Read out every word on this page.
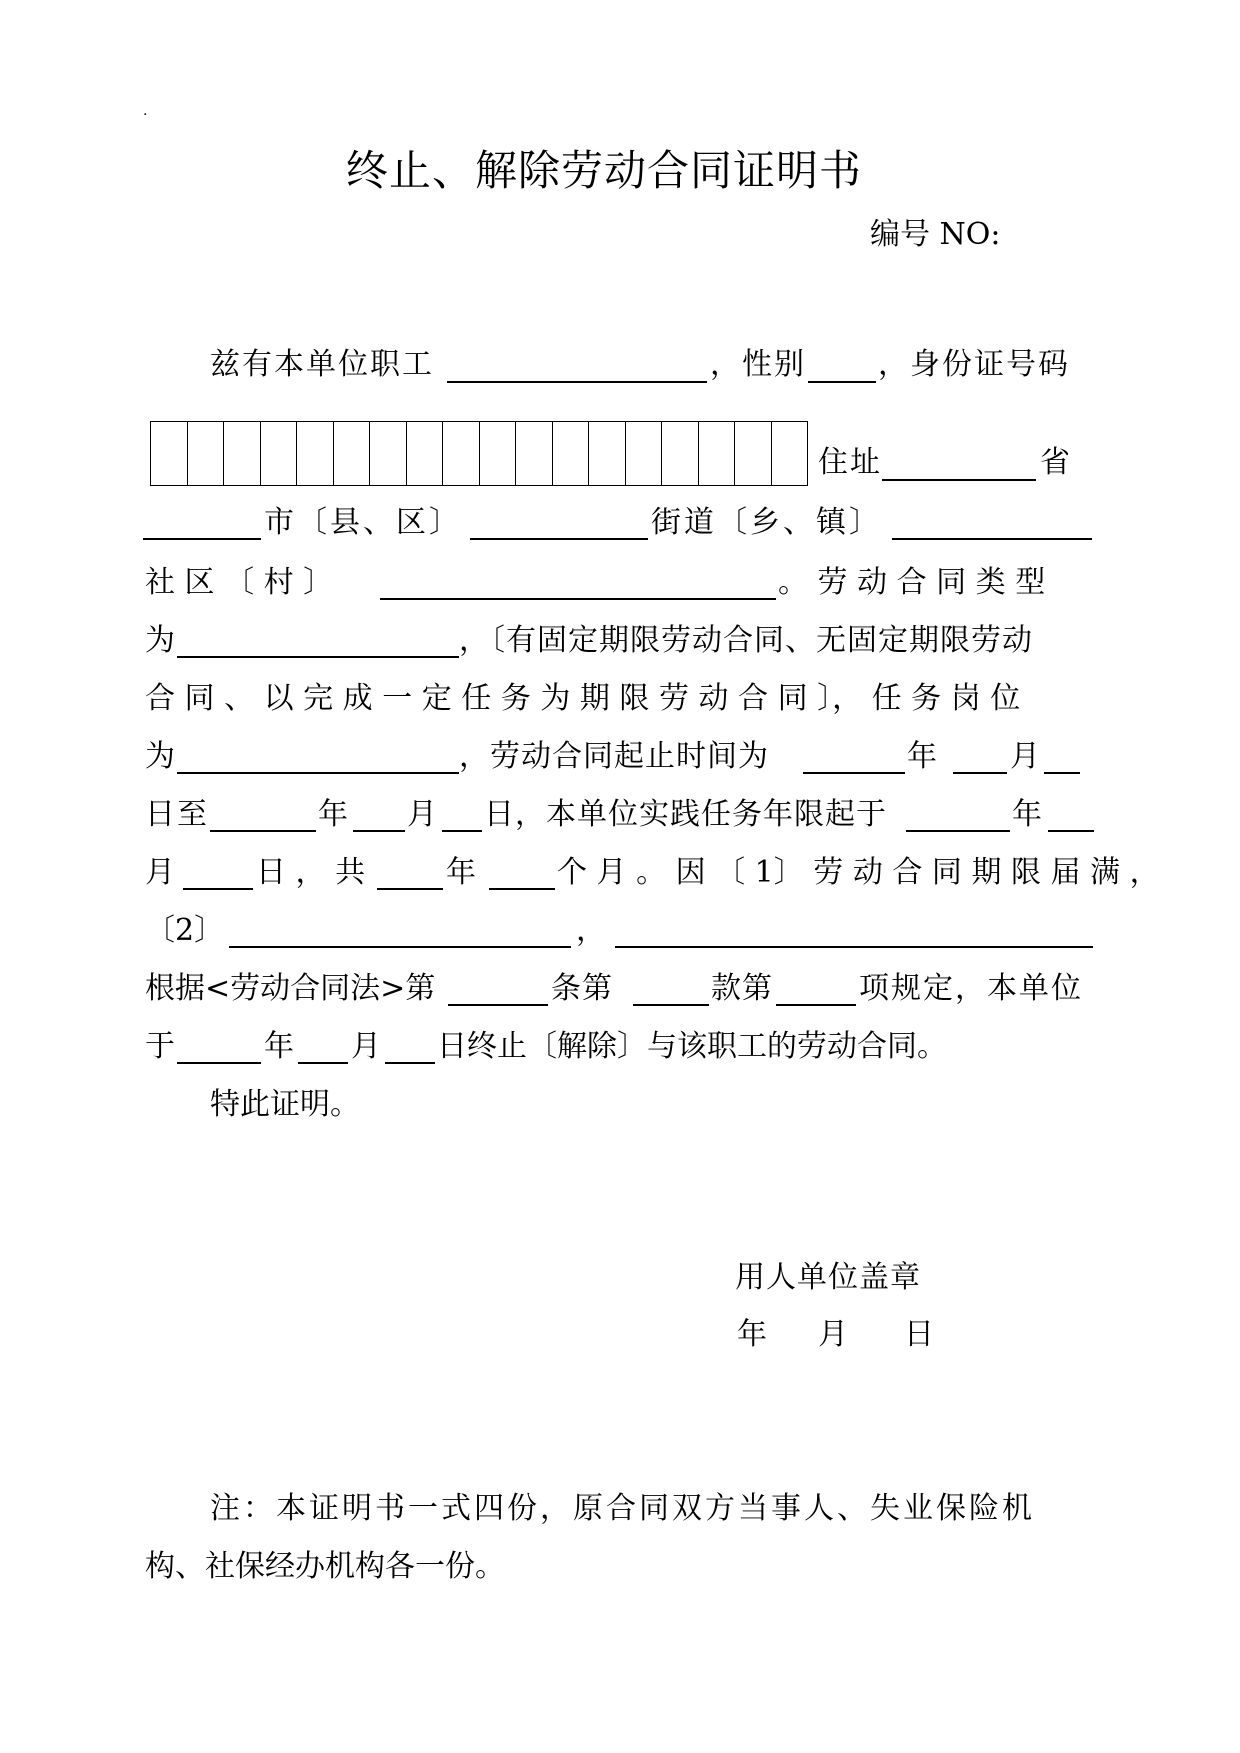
.
终止、解除劳动合同证明书
编号 NO:
兹有本单位职工	，性别 ，身份证号码
住址	省
市〔县、区〕	街道〔乡、镇〕
社 区 〔 村 〕	。 劳 动 合 同 类 型
为	，〔有固定期限劳动合同、无固定期限劳动
合 同 、 以 完 成 一 定 任 务 为 期 限 劳 动 合 同 〕， 任 务 岗 位
为	，劳动合同起止时间为	年 月
日至	年 月 日，本单位实践任务年限起于	年
月	日 ， 共	年	个 月 。 因 〔 1〕 劳 动 合 同 期 限 届 满 ，
〔2〕	，
根据<劳动合同法>第	条第	款第	项规定，本单位
于	年 月 日终止〔解除〕与该职工的劳动合同。
特此证明。
用人单位盖章
年 月 日
注：本证明书一式四份，原合同双方当事人、失业保险机
构、社保经办机构各一份。
